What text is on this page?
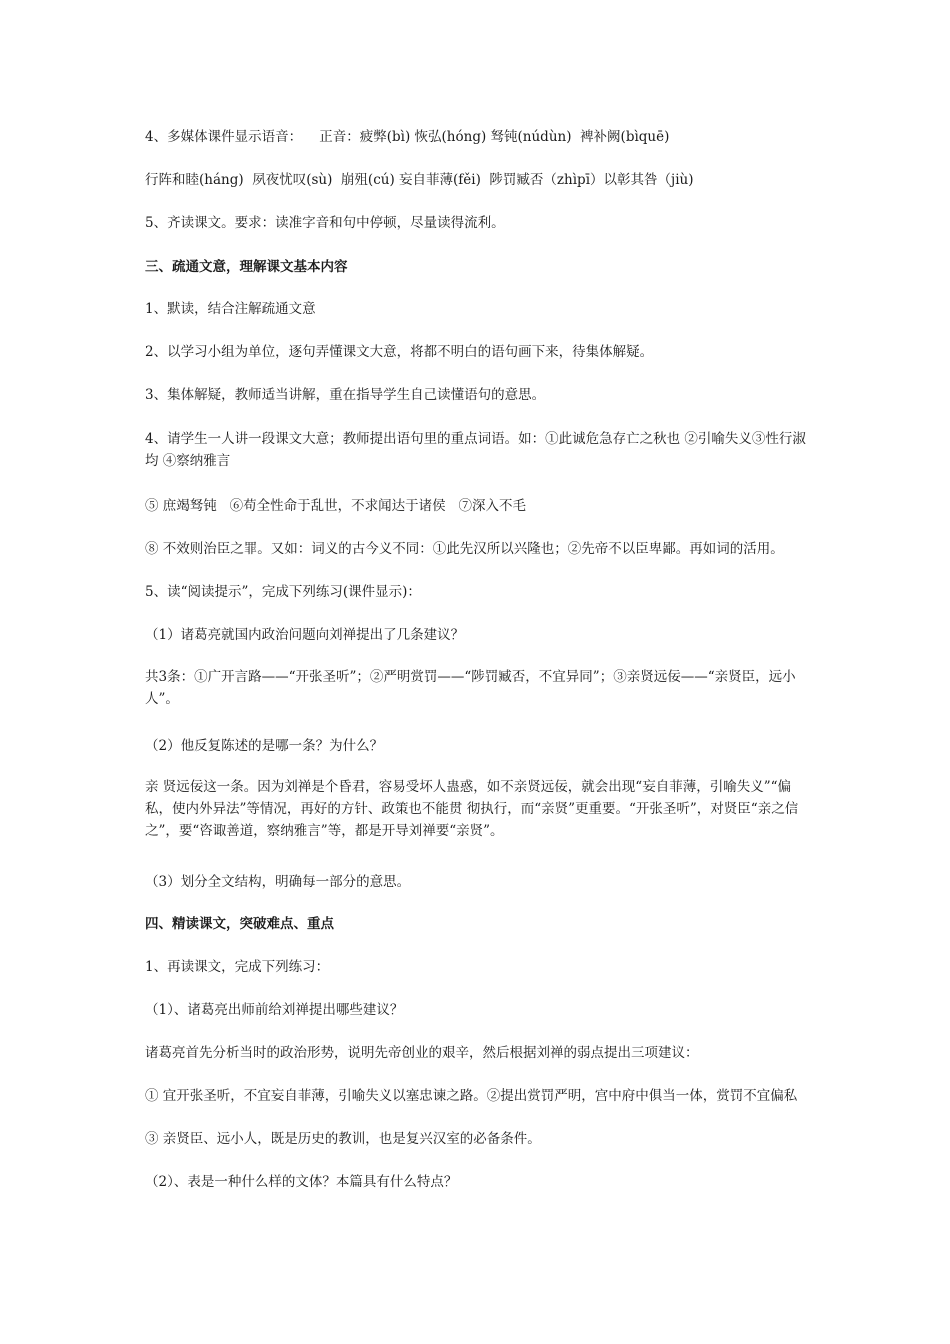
4、多媒体课件显示语音：    正音：疲弊(bì) 恢弘(hóng) 驽钝(núdùn)  裨补阙(bìquē)

行阵和睦(háng)  夙夜忧叹(sù)  崩殂(cú) 妄自菲薄(fěi)  陟罚臧否（zhìpī）以彰其咎（jiù)

5、齐读课文。要求：读准字音和句中停顿，尽量读得流利。

三、疏通文意，理解课文基本内容

1、默读，结合注解疏通文意

2、以学习小组为单位，逐句弄懂课文大意，将都不明白的语句画下来，待集体解疑。

3、集体解疑，教师适当讲解，重在指导学生自己读懂语句的意思。

4、请学生一人讲一段课文大意；教师提出语句里的重点词语。如：①此诚危急存亡之秋也 ②引喻失义③性行淑均 ④察纳雅言

⑤ 庶竭驽钝   ⑥苟全性命于乱世，不求闻达于诸侯   ⑦深入不毛

⑧ 不效则治臣之罪。又如：词义的古今义不同：①此先汉所以兴隆也；②先帝不以臣卑鄙。再如词的活用。

5、读“阅读提示”，完成下列练习(课件显示)：

（1）诸葛亮就国内政治问题向刘禅提出了几条建议？

共3条：①广开言路——“开张圣听”；②严明赏罚——“陟罚臧否，不宜异同”；③亲贤远佞——“亲贤臣，远小人”。

（2）他反复陈述的是哪一条？为什么？

亲 贤远佞这一条。因为刘禅是个昏君，容易受坏人蛊惑，如不亲贤远佞，就会出现“妄自菲薄，引喻失义”“偏私，使内外异法”等情况，再好的方针、政策也不能贯 彻执行，而“亲贤”更重要。“开张圣听”，对贤臣“亲之信之”，要“咨诹善道，察纳雅言”等，都是开导刘禅要“亲贤”。

（3）划分全文结构，明确每一部分的意思。

四、精读课文，突破难点、重点

1、再读课文，完成下列练习：

（1）、诸葛亮出师前给刘禅提出哪些建议？

诸葛亮首先分析当时的政治形势，说明先帝创业的艰辛，然后根据刘禅的弱点提出三项建议：

① 宜开张圣听，不宜妄自菲薄，引喻失义以塞忠谏之路。②提出赏罚严明，宫中府中俱当一体，赏罚不宜偏私

③ 亲贤臣、远小人，既是历史的教训，也是复兴汉室的必备条件。

（2）、表是一种什么样的文体？本篇具有什么特点？
